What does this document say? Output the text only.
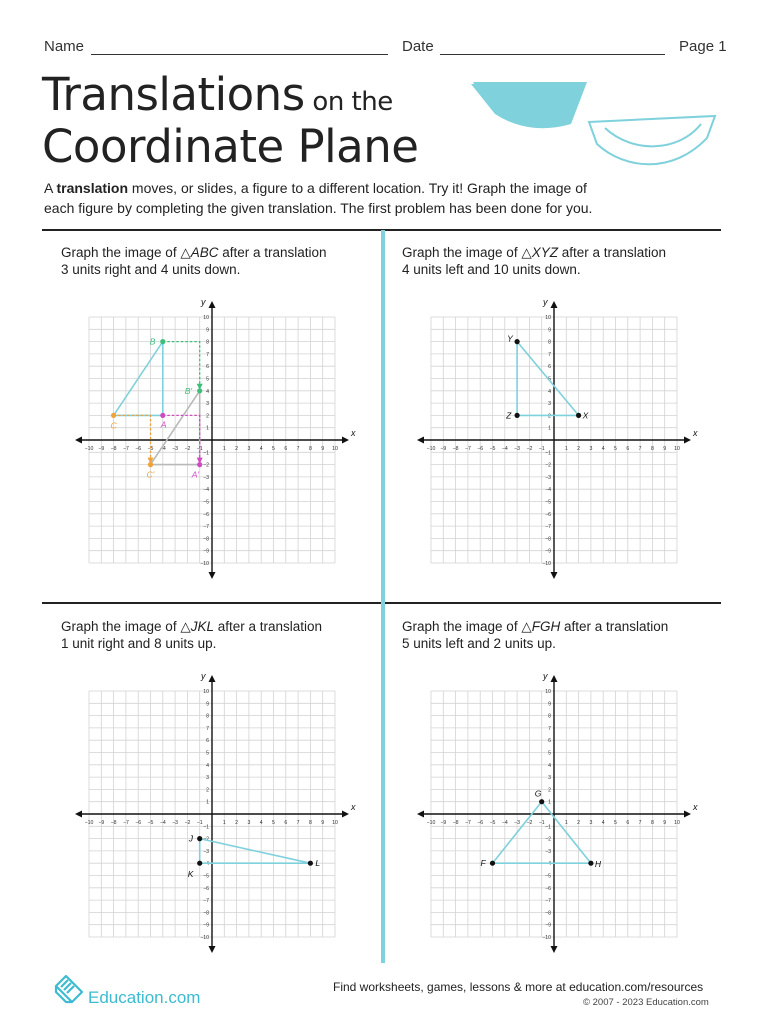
Name	Date	Page 1
Translations on the
Coordinate Plane
A translation moves, or slides, a figure to a different location. Try it! Graph the image of
each figure by completing the given translation. The first problem has been done for you.
Graph the image of △ABC after a translation
3 units right and 4 units down.
Graph the image of △XYZ after a translation
4 units left and 10 units down.
Graph the image of △JKL after a translation
1 unit right and 8 units up.
Graph the image of △FGH after a translation
5 units left and 2 units up.
x
y
−10
−10
−9
−9
−8
−8
−7
−7
−6
−6
−5
−5
−4
−4
−3
−3
−2
−2
−1
−1
1
1
2
2
3
3
4
4
5
5
6
6
7
7
8
8
9
9
10
10
A
B
C
A'
B'
C'
x
y
−10
−10
−9
−9
−8
−8
−7
−7
−6
−6
−5
−5
−4
−4
−3
−3
−2
−2
−1
−1
1
1
2
2
3
3
4
4
5
5
6
6
7
7
8
8
9
9
10
10
X
Y
Z
x
y
−10
−10
−9
−9
−8
−8
−7
−7
−6
−6
−5
−5
−4
−4
−3
−3
−2
−2
−1
−1
1
1
2
2
3
3
4
4
5
5
6
6
7
7
8
8
9
9
10
10
J
K
L
x
y
−10
−10
−9
−9
−8
−8
−7
−7
−6
−6
−5
−5
−4
−4
−3
−3
−2
−2
−1
−1
1
1
2
2
3
3
4
4
5
5
6
6
7
7
8
8
9
9
10
10
F
G
H
Education.com
Find worksheets, games, lessons & more at education.com/resources
© 2007 - 2023 Education.com
